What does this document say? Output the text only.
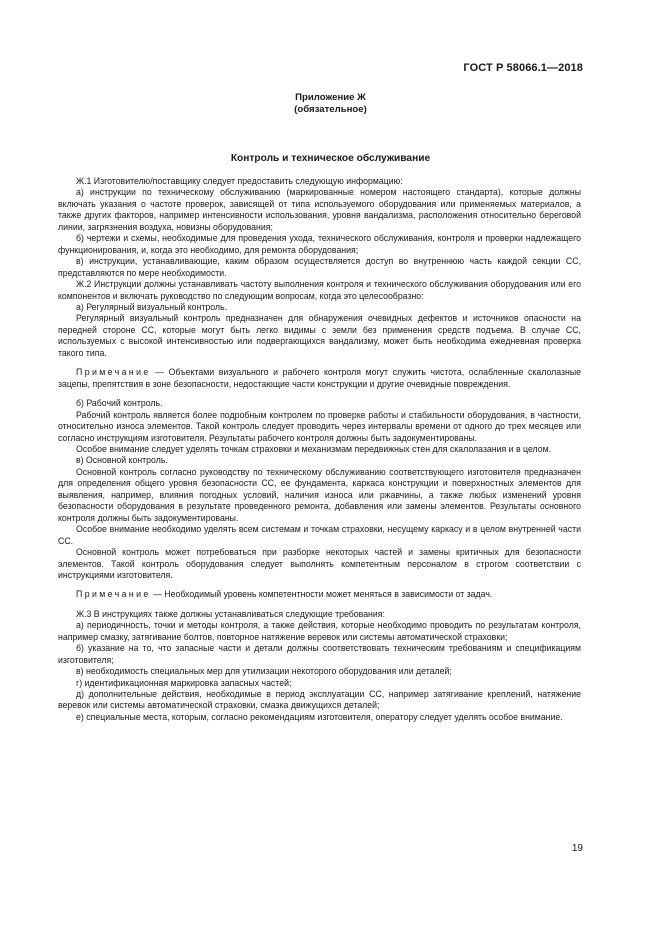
ГОСТ Р 58066.1—2018
Приложение Ж
(обязательное)
Контроль и техническое обслуживание

Ж.1 Изготовителю/поставщику следует предоставить следующую информацию:

а) инструкции по техническому обслуживанию (маркированные номером настоящего стандарта), которые должны включать указания о частоте проверок, зависящей от типа используемого оборудования или применяемых материалов, а также других факторов, например интенсивности использования, уровня вандализма, расположения относительно береговой линии, загрязнения воздуха, новизны оборудования;

б) чертежи и схемы, необходимые для проведения ухода, технического обслуживания, контроля и проверки надлежащего функционирования, и, когда это необходимо, для ремонта оборудования;

в) инструкции, устанавливающие, каким образом осуществляется доступ во внутреннюю часть каждой секции СС, представляются по мере необходимости.

Ж.2 Инструкции должны устанавливать частоту выполнения контроля и технического обслуживания оборудования или его компонентов и включать руководство по следующим вопросам, когда это целесообразно:

а) Регулярный визуальный контроль.

Регулярный визуальный контроль предназначен для обнаружения очевидных дефектов и источников опасности на передней стороне СС, которые могут быть легко видимы с земли без применения средств подъема. В случае СС, используемых с высокой интенсивностью или подвергающихся вандализму, может быть необходима ежедневная проверка такого типа.

Примечание — Объектами визуального и рабочего контроля могут служить чистота, ослабленные скалолазные зацепы, препятствия в зоне безопасности, недостающие части конструкции и другие очевидные повреждения.

б) Рабочий контроль.

Рабочий контроль является более подробным контролем по проверке работы и стабильности оборудования, в частности, относительно износа элементов. Такой контроль следует проводить через интервалы времени от одного до трех месяцев или согласно инструкциям изготовителя. Результаты рабочего контроля должны быть задокументированы.

Особое внимание следует уделять точкам страховки и механизмам передвижных стен для скалолазания и в целом.

в) Основной контроль.

Основной контроль согласно руководству по техническому обслуживанию соответствующего изготовителя предназначен для определения общего уровня безопасности СС, ее фундамента, каркаса конструкции и поверхностных элементов для выявления, например, влияния погодных условий, наличия износа или ржавчины, а также любых изменений уровня безопасности оборудования в результате проведенного ремонта, добавления или замены элементов. Результаты основного контроля должны быть задокументированы.

Особое внимание необходимо уделять всем системам и точкам страховки, несущему каркасу и в целом внутренней части СС.

Основной контроль может потребоваться при разборке некоторых частей и замены критичных для безопасности элементов. Такой контроль оборудования следует выполнять компетентным персоналом в строгом соответствии с инструкциями изготовителя.

Примечание — Необходимый уровень компетентности может меняться в зависимости от задач.

Ж.3 В инструкциях также должны устанавливаться следующие требования:

а) периодичность, точки и методы контроля, а также действия, которые необходимо проводить по результатам контроля, например смазку, затягивание болтов, повторное натяжение веревок или системы автоматической страховки;

б) указание на то, что запасные части и детали должны соответствовать техническим требованиям и спецификациям изготовителя;

в) необходимость специальных мер для утилизации некоторого оборудования или деталей;

г) идентификационная маркировка запасных частей;

д) дополнительные действия, необходимые в период эксплуатации СС, например затягивание креплений, натяжение веревок или системы автоматической страховки, смазка движущихся деталей;

е) специальные места, которым, согласно рекомендациям изготовителя, оператору следует уделять особое внимание.

19
